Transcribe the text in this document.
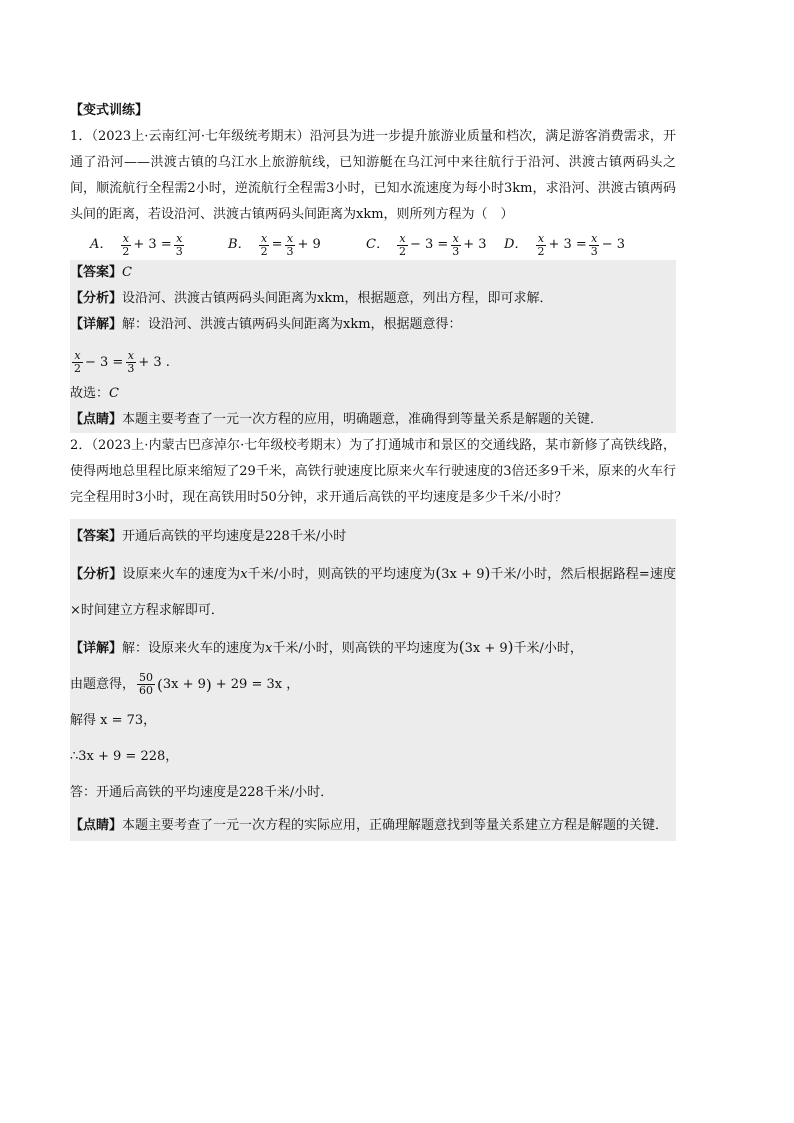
【变式训练】

1．（2023上·云南红河·七年级统考期末）沿河县为进一步提升旅游业质量和档次，满足游客消费需求，开通了沿河——洪渡古镇的乌江水上旅游航线，已知游艇在乌江河中来往航行于沿河、洪渡古镇两码头之间，顺流航行全程需2小时，逆流航行全程需3小时，已知水流速度为每小时3km，求沿河、洪渡古镇两码头间的距离，若设沿河、洪渡古镇两码头间距离为xkm，则所列方程为（　）

A． $\frac{x}{2} + 3 = \frac{x}{3}$	B． $\frac{x}{2} = \frac{x}{3} + 9$	C． $\frac{x}{2} - 3 = \frac{x}{3} + 3$ D． $\frac{x}{2} + 3 = \frac{x}{3} - 3$
【答案】C
【分析】设沿河、洪渡古镇两码头间距离为xkm，根据题意，列出方程，即可求解．
【详解】解：设沿河、洪渡古镇两码头间距离为xkm，根据题意得：
$\frac{x}{2} - 3 = \frac{x}{3} + 3$ .
故选：C
【点睛】本题主要考查了一元一次方程的应用，明确题意，准确得到等量关系是解题的关键．

2．（2023上·内蒙古巴彦淖尔·七年级校考期末）为了打通城市和景区的交通线路，某市新修了高铁线路，使得两地总里程比原来缩短了29千米，高铁行驶速度比原来火车行驶速度的3倍还多9千米，原来的火车行完全程用时3小时，现在高铁用时50分钟，求开通后高铁的平均速度是多少千米/小时？

【答案】开通后高铁的平均速度是228千米/小时
【分析】设原来火车的速度为x千米/小时，则高铁的平均速度为(3x + 9)千米/小时，然后根据路程=速度×时间建立方程求解即可．
【详解】解：设原来火车的速度为x千米/小时，则高铁的平均速度为(3x + 9)千米/小时，
由题意得， $\frac{50}{60}$ ( 3x + 9 ) + 29 = 3x ，
解得 x = 73，
∴3x + 9 = 228，
答：开通后高铁的平均速度是228千米/小时．
【点睛】本题主要考查了一元一次方程的实际应用，正确理解题意找到等量关系建立方程是解题的关键．
